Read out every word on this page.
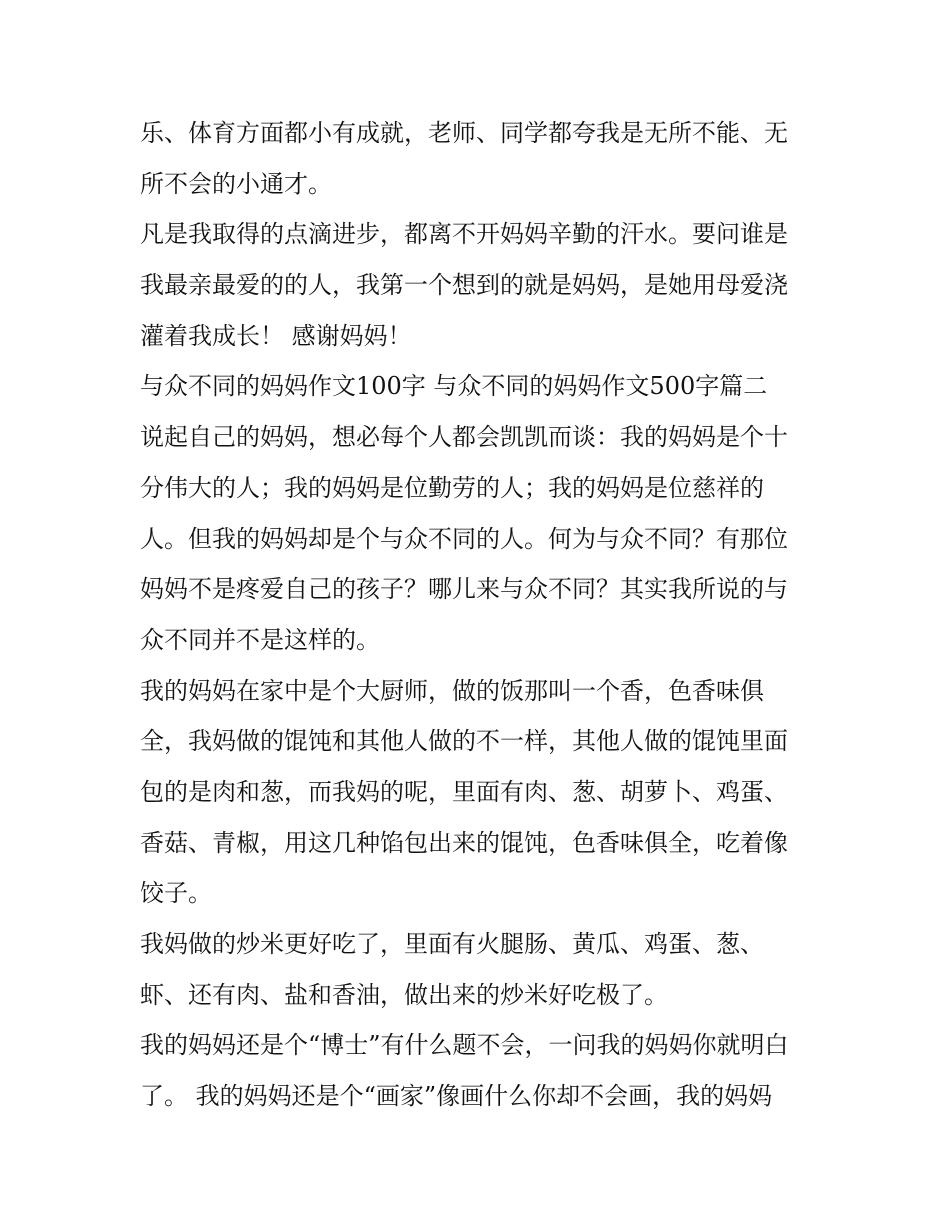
乐、体育方面都小有成就，老师、同学都夸我是无所不能、无
所不会的小通才。
凡是我取得的点滴进步，都离不开妈妈辛勤的汗水。要问谁是
我最亲最爱的的人，我第一个想到的就是妈妈，是她用母爱浇
灌着我成长！ 感谢妈妈！
与众不同的妈妈作文100字 与众不同的妈妈作文500字篇二
说起自己的妈妈，想必每个人都会凯凯而谈：我的妈妈是个十
分伟大的人；我的妈妈是位勤劳的人；我的妈妈是位慈祥的
人。但我的妈妈却是个与众不同的人。何为与众不同？有那位
妈妈不是疼爱自己的孩子？哪儿来与众不同？其实我所说的与
众不同并不是这样的。
我的妈妈在家中是个大厨师，做的饭那叫一个香，色香味俱
全，我妈做的馄饨和其他人做的不一样，其他人做的馄饨里面
包的是肉和葱，而我妈的呢，里面有肉、葱、胡萝卜、鸡蛋、
香菇、青椒，用这几种馅包出来的馄饨，色香味俱全，吃着像
饺子。
我妈做的炒米更好吃了，里面有火腿肠、黄瓜、鸡蛋、葱、
虾、还有肉、盐和香油，做出来的炒米好吃极了。
我的妈妈还是个“博士”有什么题不会，一问我的妈妈你就明白
了。 我的妈妈还是个“画家”像画什么你却不会画，我的妈妈
